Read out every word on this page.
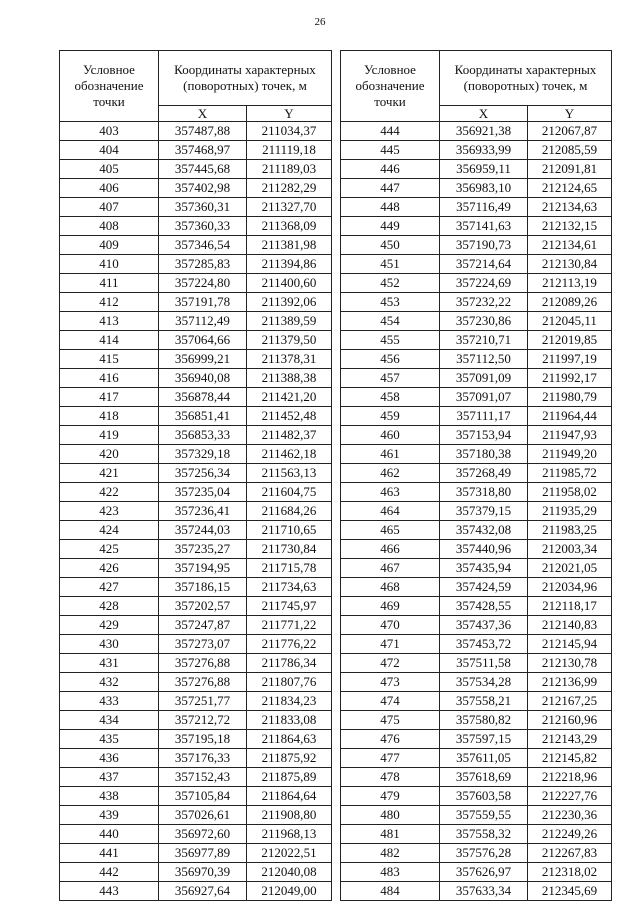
26
Условное обозначение точки	Координаты характерных (поворотных) точек, м	
	X	Y
403	357487,88	211034,37
404	357468,97	211119,18
405	357445,68	211189,03
406	357402,98	211282,29
407	357360,31	211327,70
408	357360,33	211368,09
409	357346,54	211381,98
410	357285,83	211394,86
411	357224,80	211400,60
412	357191,78	211392,06
413	357112,49	211389,59
414	357064,66	211379,50
415	356999,21	211378,31
416	356940,08	211388,38
417	356878,44	211421,20
418	356851,41	211452,48
419	356853,33	211482,37
420	357329,18	211462,18
421	357256,34	211563,13
422	357235,04	211604,75
423	357236,41	211684,26
424	357244,03	211710,65
425	357235,27	211730,84
426	357194,95	211715,78
427	357186,15	211734,63
428	357202,57	211745,97
429	357247,87	211771,22
430	357273,07	211776,22
431	357276,88	211786,34
432	357276,88	211807,76
433	357251,77	211834,23
434	357212,72	211833,08
435	357195,18	211864,63
436	357176,33	211875,92
437	357152,43	211875,89
438	357105,84	211864,64
439	357026,61	211908,80
440	356972,60	211968,13
441	356977,89	212022,51
442	356970,39	212040,08
443	356927,64	212049,00
Условное обозначение точки	Координаты характерных (поворотных) точек, м	
	X	Y
444	356921,38	212067,87
445	356933,99	212085,59
446	356959,11	212091,81
447	356983,10	212124,65
448	357116,49	212134,63
449	357141,63	212132,15
450	357190,73	212134,61
451	357214,64	212130,84
452	357224,69	212113,19
453	357232,22	212089,26
454	357230,86	212045,11
455	357210,71	212019,85
456	357112,50	211997,19
457	357091,09	211992,17
458	357091,07	211980,79
459	357111,17	211964,44
460	357153,94	211947,93
461	357180,38	211949,20
462	357268,49	211985,72
463	357318,80	211958,02
464	357379,15	211935,29
465	357432,08	211983,25
466	357440,96	212003,34
467	357435,94	212021,05
468	357424,59	212034,96
469	357428,55	212118,17
470	357437,36	212140,83
471	357453,72	212145,94
472	357511,58	212130,78
473	357534,28	212136,99
474	357558,21	212167,25
475	357580,82	212160,96
476	357597,15	212143,29
477	357611,05	212145,82
478	357618,69	212218,96
479	357603,58	212227,76
480	357559,55	212230,36
481	357558,32	212249,26
482	357576,28	212267,83
483	357626,97	212318,02
484	357633,34	212345,69
